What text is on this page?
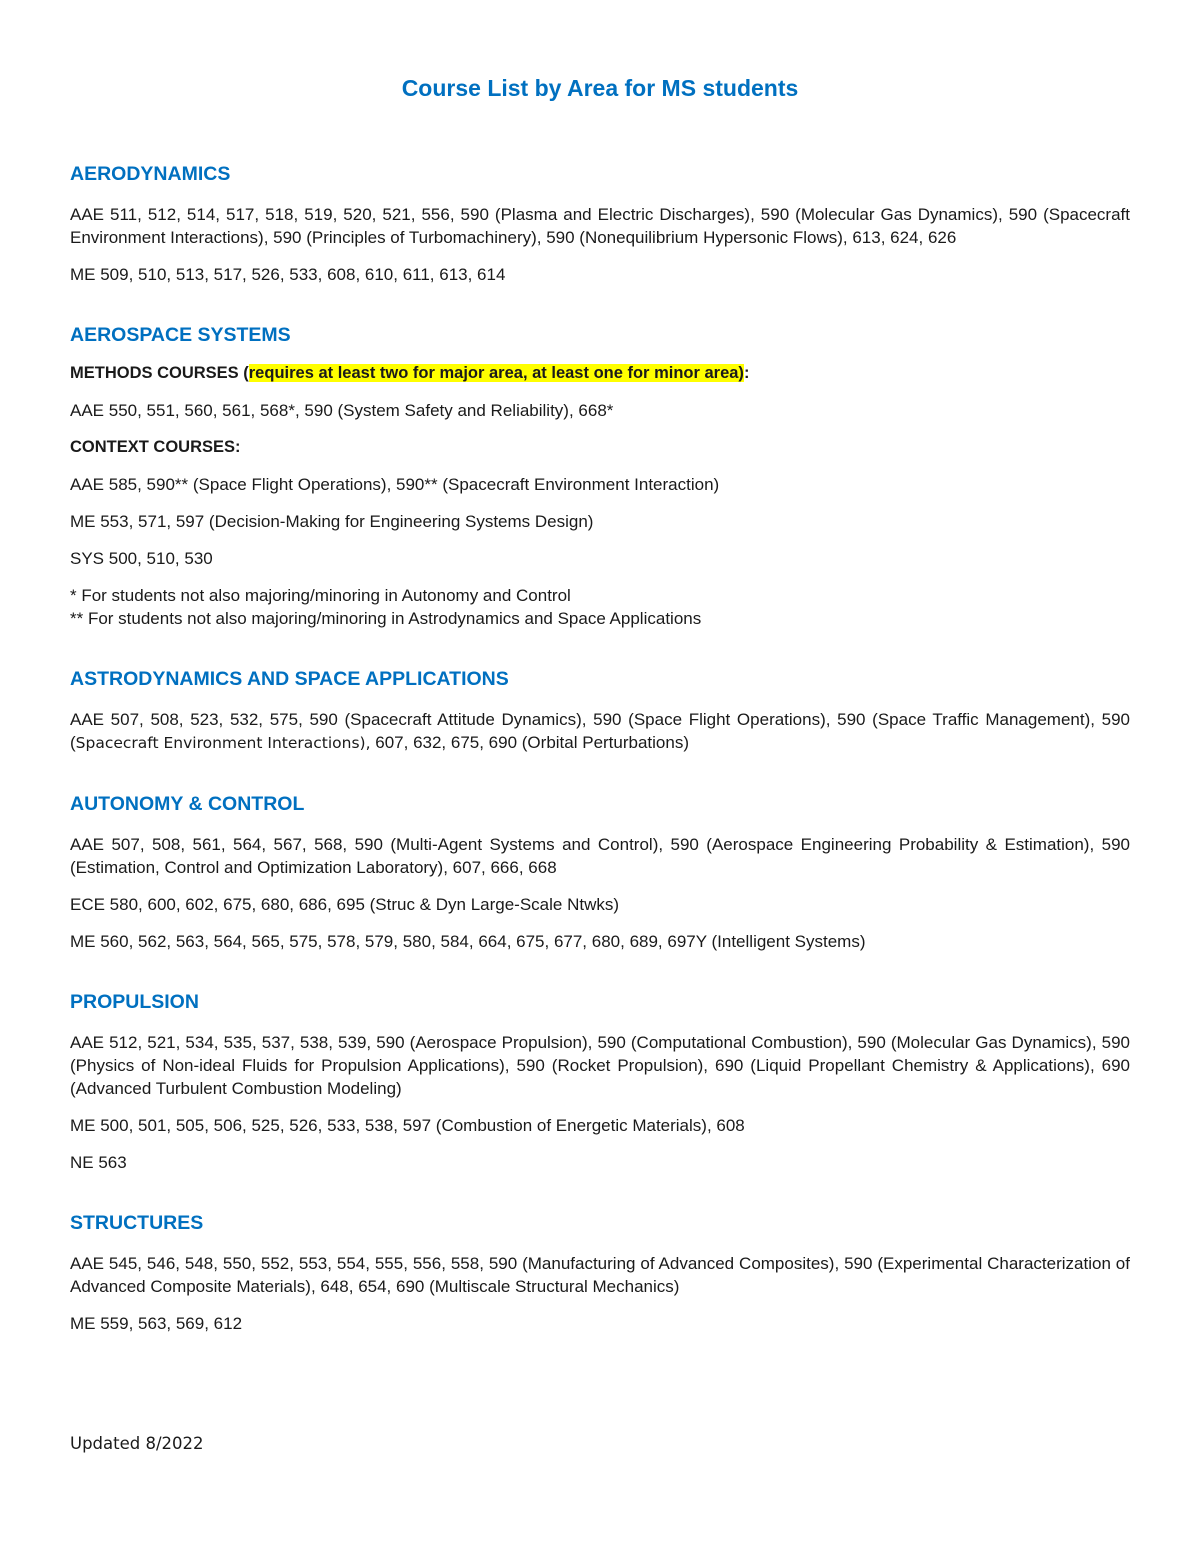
Course List by Area for MS students
AERODYNAMICS

AAE 511, 512, 514, 517, 518, 519, 520, 521, 556, 590 (Plasma and Electric Discharges), 590 (Molecular Gas Dynamics), 590 (Spacecraft Environment Interactions), 590 (Principles of Turbomachinery), 590 (Nonequilibrium Hypersonic Flows), 613, 624, 626

ME 509, 510, 513, 517, 526, 533, 608, 610, 611, 613, 614

AEROSPACE SYSTEMS

METHODS COURSES (requires at least two for major area, at least one for minor area):

AAE 550, 551, 560, 561, 568*, 590 (System Safety and Reliability), 668*

CONTEXT COURSES:

AAE 585, 590** (Space Flight Operations), 590** (Spacecraft Environment Interaction)

ME 553, 571, 597 (Decision-Making for Engineering Systems Design)

SYS 500, 510, 530

* For students not also majoring/minoring in Autonomy and Control

** For students not also majoring/minoring in Astrodynamics and Space Applications

ASTRODYNAMICS AND SPACE APPLICATIONS

AAE 507, 508, 523, 532, 575, 590 (Spacecraft Attitude Dynamics), 590 (Space Flight Operations), 590 (Space Traffic Management), 590 (Spacecraft Environment Interactions), 607, 632, 675, 690 (Orbital Perturbations)

AUTONOMY & CONTROL

AAE 507, 508, 561, 564, 567, 568, 590 (Multi-Agent Systems and Control), 590 (Aerospace Engineering Probability & Estimation), 590 (Estimation, Control and Optimization Laboratory), 607, 666, 668

ECE 580, 600, 602, 675, 680, 686, 695 (Struc & Dyn Large-Scale Ntwks)

ME 560, 562, 563, 564, 565, 575, 578, 579, 580, 584, 664, 675, 677, 680, 689, 697Y (Intelligent Systems)

PROPULSION

AAE 512, 521, 534, 535, 537, 538, 539, 590 (Aerospace Propulsion), 590 (Computational Combustion), 590 (Molecular Gas Dynamics), 590 (Physics of Non-ideal Fluids for Propulsion Applications), 590 (Rocket Propulsion), 690 (Liquid Propellant Chemistry & Applications), 690 (Advanced Turbulent Combustion Modeling)

ME 500, 501, 505, 506, 525, 526, 533, 538, 597 (Combustion of Energetic Materials), 608

NE 563

STRUCTURES

AAE 545, 546, 548, 550, 552, 553, 554, 555, 556, 558, 590 (Manufacturing of Advanced Composites), 590 (Experimental Characterization of Advanced Composite Materials), 648, 654, 690 (Multiscale Structural Mechanics)

ME 559, 563, 569, 612

Updated 8/2022
